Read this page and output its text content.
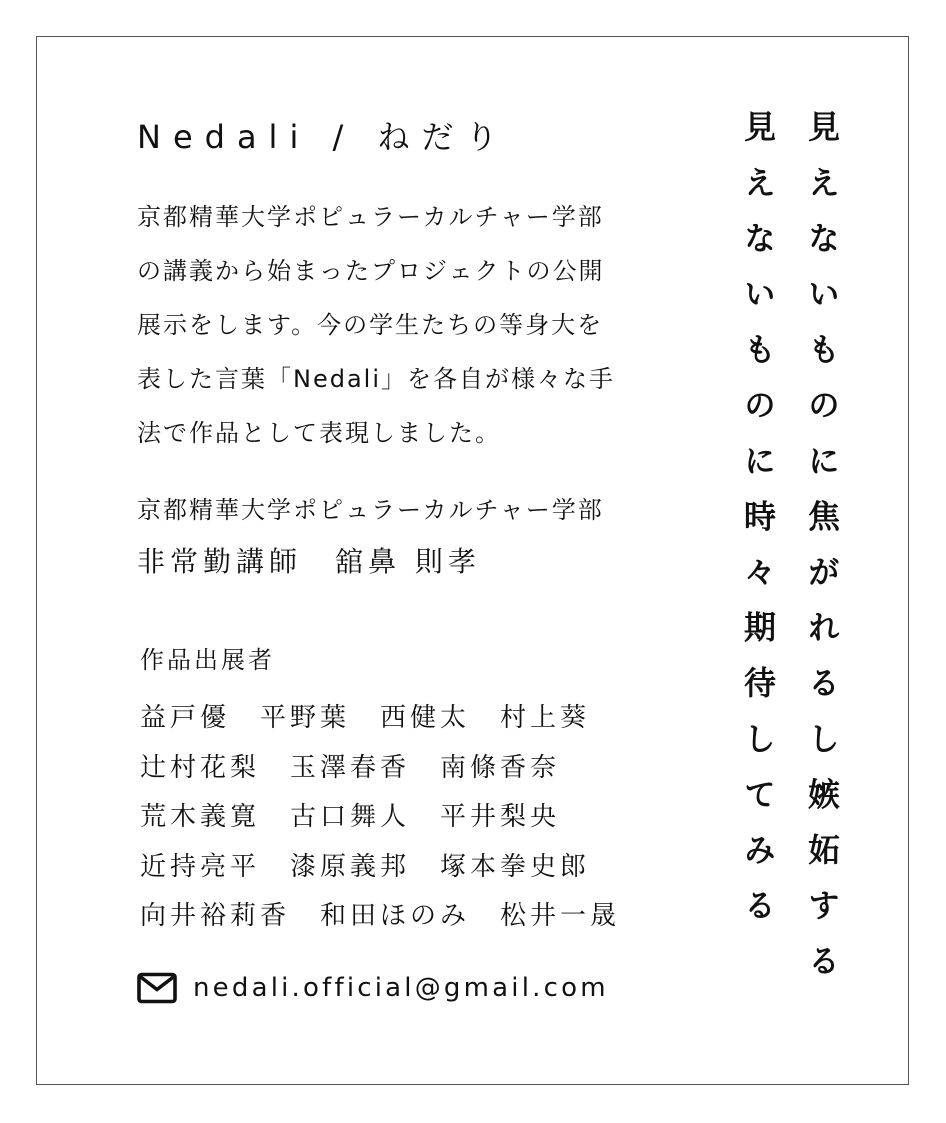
Nedali / ねだり
京都精華大学ポピュラーカルチャー学部
の講義から始まったプロジェクトの公開
展示をします。今の学生たちの等身大を
表した言葉「Nedali」を各自が様々な手
法で作品として表現しました。
京都精華大学ポピュラーカルチャー学部
非常勤講師　舘鼻 則孝
作品出展者
益戸優　平野葉　西健太　村上葵
辻村花梨　玉澤春香　南條香奈
荒木義寛　古口舞人　平井梨央
近持亮平　漆原義邦　塚本拳史郎
向井裕莉香　和田ほのみ　松井一晟
nedali.official@gmail.com	見えないものに焦がれるし嫉妬する
見えないものに時々期待してみる
